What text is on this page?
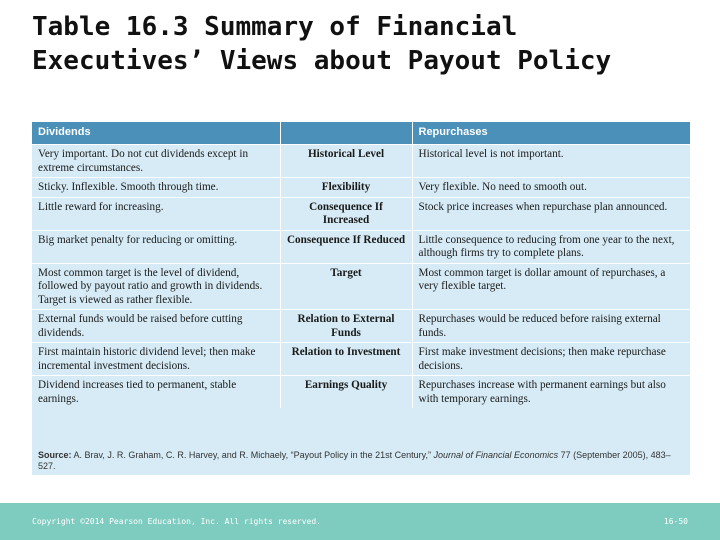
Table 16.3 Summary of Financial
Executives’ Views about Payout Policy
Dividends		Repurchases
Very important. Do not cut dividends except in extreme circumstances.	Historical Level	Historical level is not important.
Sticky. Inflexible. Smooth through time.	Flexibility	Very flexible. No need to smooth out.
Little reward for increasing.	Consequence If Increased	Stock price increases when repurchase plan announced.
Big market penalty for reducing or omitting.	Consequence If Reduced	Little consequence to reducing from one year to the next, although firms try to complete plans.
Most common target is the level of dividend, followed by payout ratio and growth in dividends. Target is viewed as rather flexible.	Target	Most common target is dollar amount of repurchases, a very flexible target.
External funds would be raised before cutting dividends.	Relation to External Funds	Repurchases would be reduced before raising external funds.
First maintain historic dividend level; then make incremental investment decisions.	Relation to Investment	First make investment decisions; then make repurchase decisions.
Dividend increases tied to permanent, stable earnings.	Earnings Quality	Repurchases increase with permanent earnings but also with temporary earnings.
Source: A. Brav, J. R. Graham, C. R. Harvey, and R. Michaely, “Payout Policy in the 21st Century,” Journal of Financial Economics 77 (September 2005), 483–527.
Copyright ©2014 Pearson Education, Inc. All rights reserved.	16-50
